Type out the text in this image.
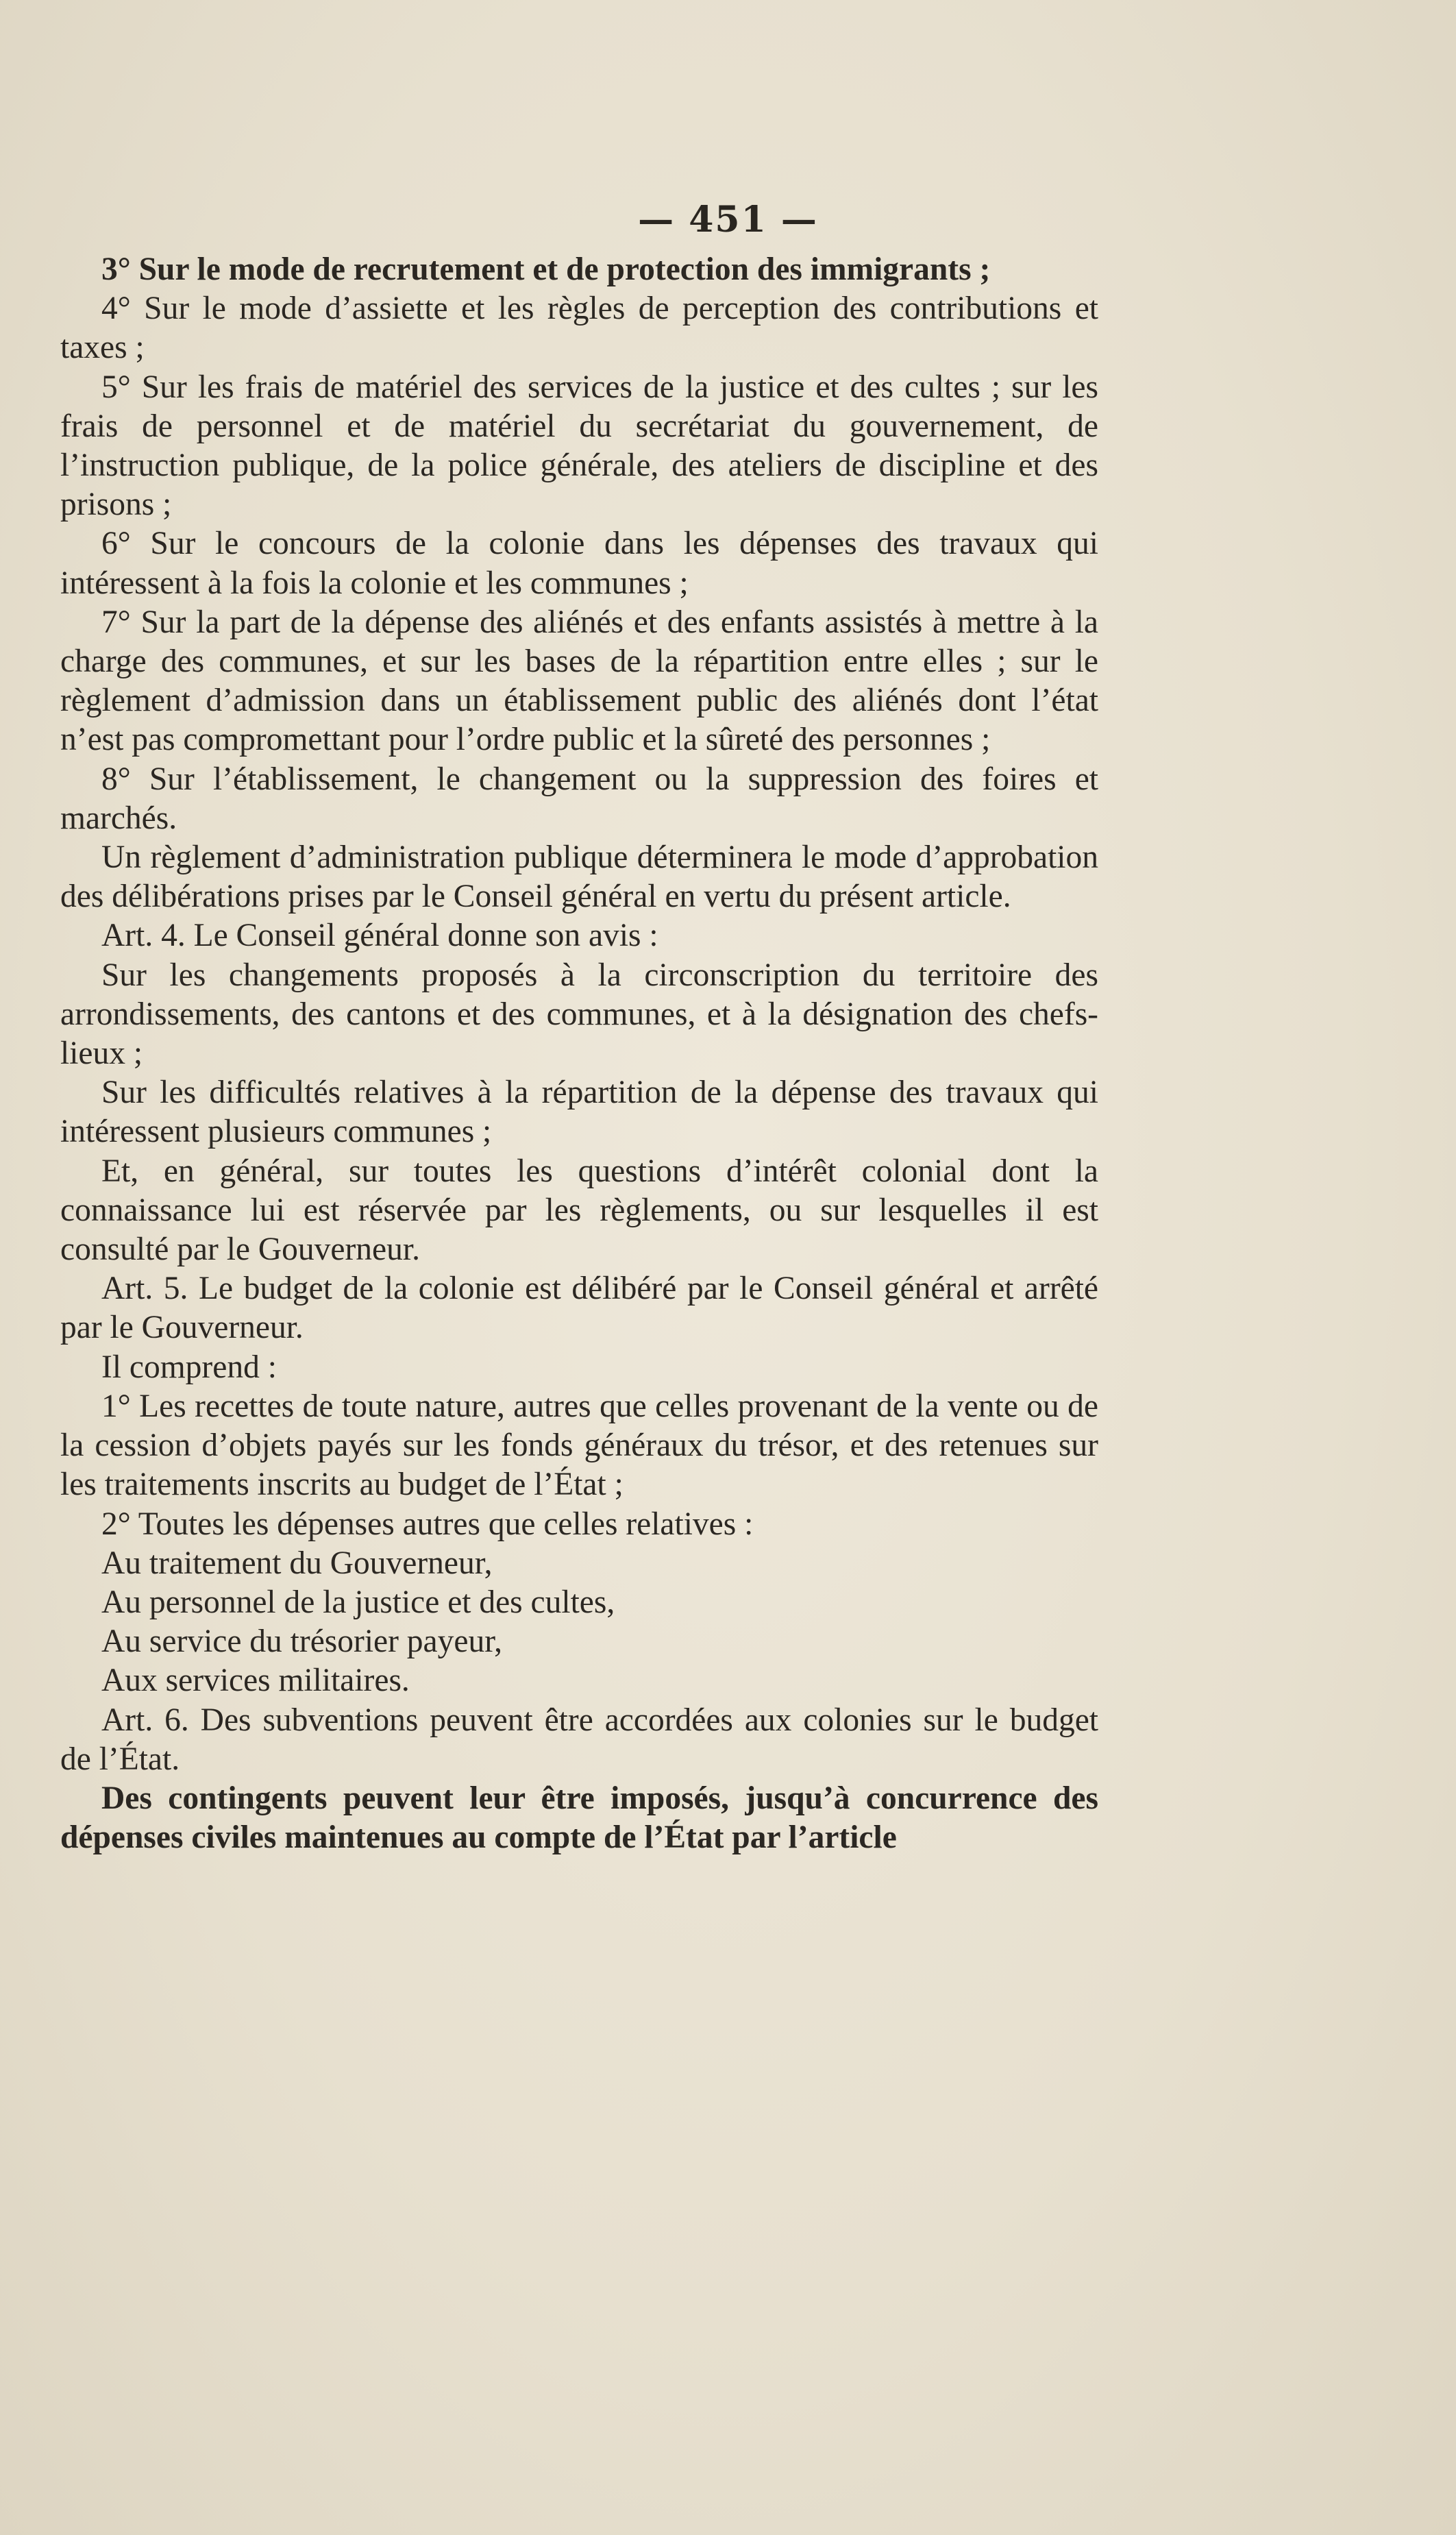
— 451 —

3° Sur le mode de recrutement et de protection des immigrants ;

4° Sur le mode d’assiette et les règles de perception des contributions et taxes ;

5° Sur les frais de matériel des services de la justice et des cultes ; sur les frais de personnel et de matériel du secrétariat du gouvernement, de l’instruction publique, de la police générale, des ateliers de discipline et des prisons ;

6° Sur le concours de la colonie dans les dépenses des travaux qui intéressent à la fois la colonie et les communes ;

7° Sur la part de la dépense des aliénés et des enfants assistés à mettre à la charge des communes, et sur les bases de la répartition entre elles ; sur le règlement d’admission dans un établissement public des aliénés dont l’état n’est pas compromettant pour l’ordre public et la sûreté des personnes ;

8° Sur l’établissement, le changement ou la suppression des foires et marchés.

Un règlement d’administration publique déterminera le mode d’approbation des délibérations prises par le Conseil général en vertu du présent article.

Art. 4. Le Conseil général donne son avis :

Sur les changements proposés à la circonscription du territoire des arrondissements, des cantons et des communes, et à la désignation des chefs-lieux ;

Sur les difficultés relatives à la répartition de la dépense des travaux qui intéressent plusieurs communes ;

Et, en général, sur toutes les questions d’intérêt colonial dont la connaissance lui est réservée par les règlements, ou sur lesquelles il est consulté par le Gouverneur.

Art. 5. Le budget de la colonie est délibéré par le Conseil général et arrêté par le Gouverneur.

Il comprend :

1° Les recettes de toute nature, autres que celles provenant de la vente ou de la cession d’objets payés sur les fonds généraux du trésor, et des retenues sur les traitements inscrits au budget de l’État ;

2° Toutes les dépenses autres que celles relatives :

Au traitement du Gouverneur,

Au personnel de la justice et des cultes,

Au service du trésorier payeur,

Aux services militaires.

Art. 6. Des subventions peuvent être accordées aux colonies sur le budget de l’État.

Des contingents peuvent leur être imposés, jusqu’à concurrence des dépenses civiles maintenues au compte de l’État par l’article
